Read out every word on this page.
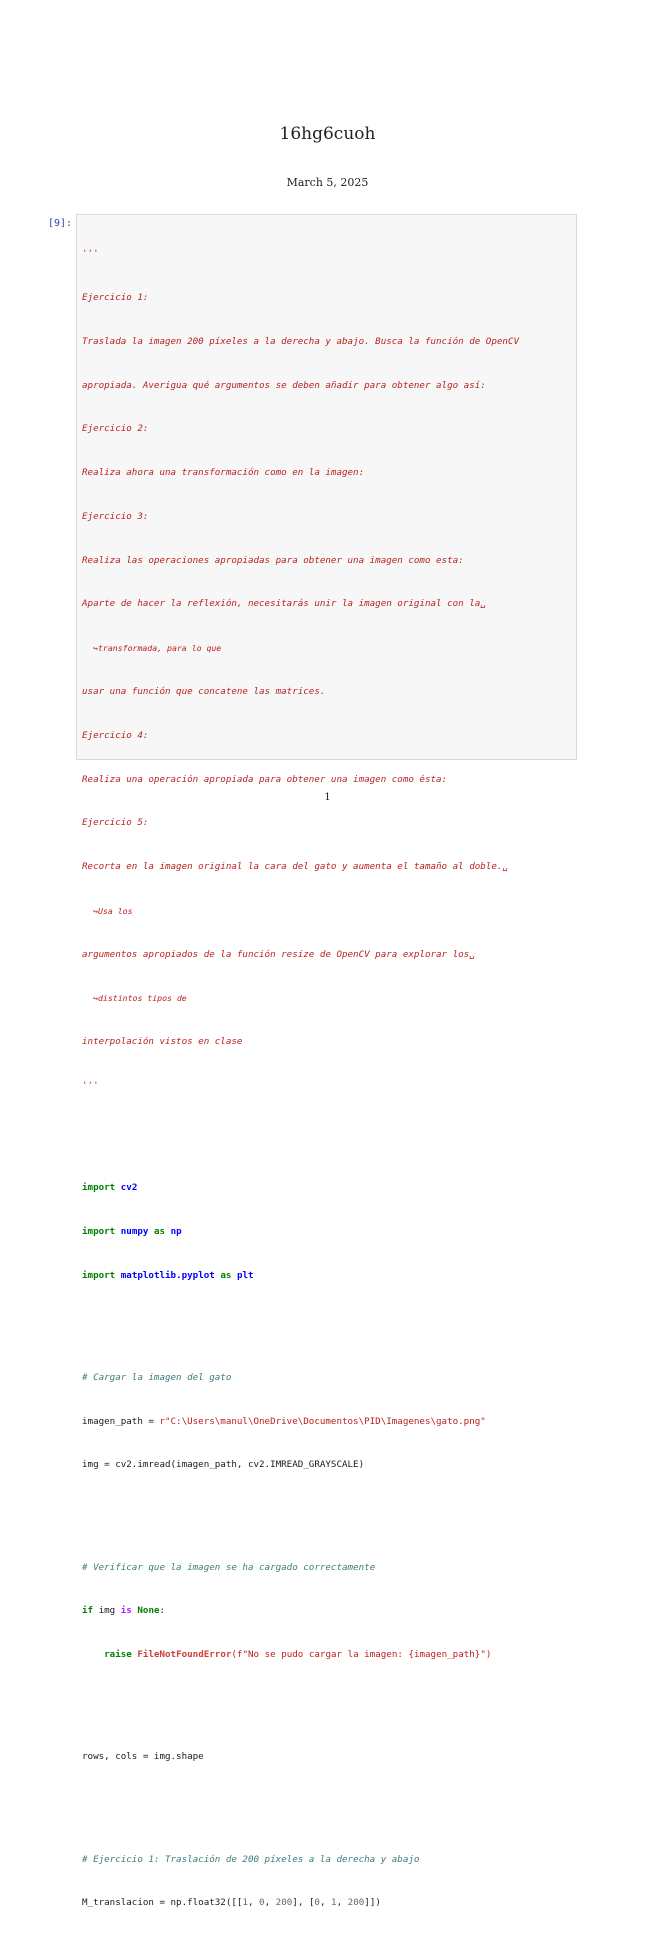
16hg6cuoh
March 5, 2025
[9]:

'''

Ejercicio 1:

Traslada la imagen 200 píxeles a la derecha y abajo. Busca la función de OpenCV

apropiada. Averigua qué argumentos se deben añadir para obtener algo así:

Ejercicio 2:

Realiza ahora una transformación como en la imagen:

Ejercicio 3:

Realiza las operaciones apropiadas para obtener una imagen como esta:

Aparte de hacer la reflexión, necesitarás unir la imagen original con la␣

↪transformada, para lo que

usar una función que concatene las matrices.

Ejercicio 4:

Realiza una operación apropiada para obtener una imagen como ésta:

Ejercicio 5:

Recorta en la imagen original la cara del gato y aumenta el tamaño al doble.␣

↪Usa los

argumentos apropiados de la función resize de OpenCV para explorar los␣

↪distintos tipos de

interpolación vistos en clase

'''

import cv2

import numpy as np

import matplotlib.pyplot as plt

# Cargar la imagen del gato

imagen_path = r"C:\Users\manul\OneDrive\Documentos\PID\Imagenes\gato.png"

img = cv2.imread(imagen_path, cv2.IMREAD_GRAYSCALE)

# Verificar que la imagen se ha cargado correctamente

if img is None:

raise FileNotFoundError(f"No se pudo cargar la imagen: {imagen_path}")

rows, cols = img.shape

# Ejercicio 1: Traslación de 200 píxeles a la derecha y abajo

M_translacion = np.float32([[1, 0, 200], [0, 1, 200]])

1
